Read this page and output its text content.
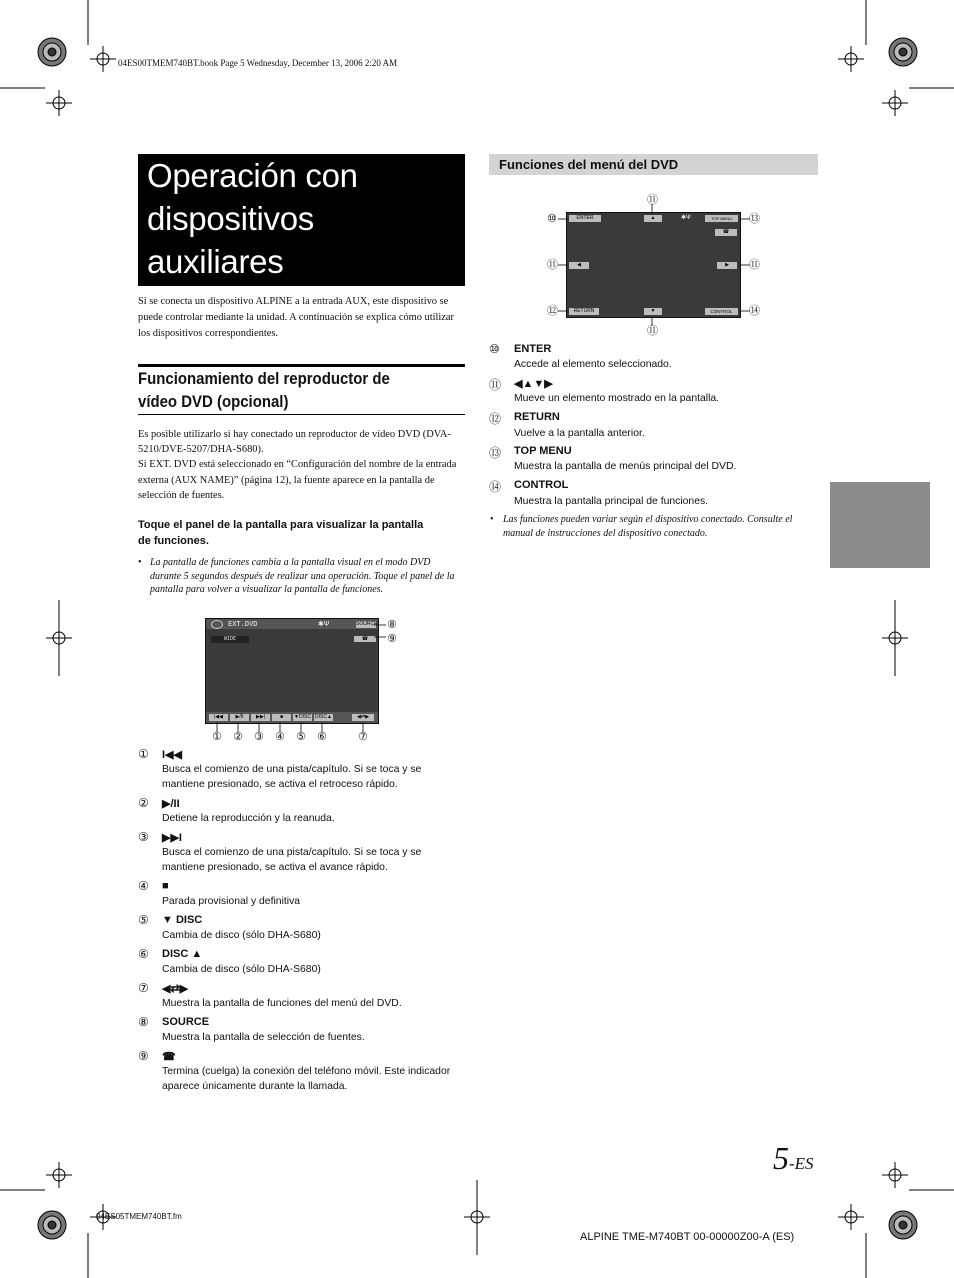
04ES00TMEM740BT.book Page 5 Wednesday, December 13, 2006 2:20 AM
Operación con
dispositivos
auxiliares
Si se conecta un dispositivo ALPINE a la entrada AUX, este dispositivo se puede controlar mediante la unidad. A continuación se explica cómo utilizar los dispositivos correspondientes.
Funcionamiento del reproductor de
vídeo DVD (opcional)
Es posible utilizarlo si hay conectado un reproductor de vídeo DVD (DVA-5210/DVE-5207/DHA-S680).
Si EXT. DVD está seleccionado en “Configuración del nombre de la entrada externa (AUX NAME)” (página 12), la fuente aparece en la pantalla de selección de fuentes.
Toque el panel de la pantalla para visualizar la pantalla
de funciones.
• La pantalla de funciones cambia a la pantalla visual en el modo DVD durante 5 segundos después de realizar una operación. Toque el panel de la pantalla para volver a visualizar la pantalla de funciones.
EXT.DVD	✱Ψ	SOURCE
☎
WIDE
|◀◀	▶/II	▶▶|	■	▼DISC DISC▲	◀⇄▶
⑧
⑨
① ② ③ ④ ⑤ ⑥	⑦
① I◀◀
Busca el comienzo de una pista/capítulo. Si se toca y se mantiene presionado, se activa el retroceso rápido.
② ▶/II
Detiene la reproducción y la reanuda.
③ ▶▶I
Busca el comienzo de una pista/capítulo. Si se toca y se mantiene presionado, se activa el avance rápido.
④ ■
Parada provisional y definitiva
⑤ ▼ DISC
Cambia de disco (sólo DHA-S680)
⑥ DISC ▲
Cambia de disco (sólo DHA-S680)
⑦ ◀⇄▶
Muestra la pantalla de funciones del menú del DVD.
⑧ SOURCE
Muestra la pantalla de selección de fuentes.
⑨ ☎
Termina (cuelga) la conexión del teléfono móvil. Este indicador aparece únicamente durante la llamada.
Funciones del menú del DVD
ENTER	▲	✱Ψ	TOP MENU
☎
◀	▶
RETURN	▼	CONTROL
⑪
⑩	⑬
⑪	⑪
⑫	⑭
⑪
⑩ ENTER
Accede al elemento seleccionado.
⑪ ◀▲▼▶
Mueve un elemento mostrado en la pantalla.
⑫ RETURN
Vuelve a la pantalla anterior.
⑬ TOP MENU
Muestra la pantalla de menús principal del DVD.
⑭ CONTROL
Muestra la pantalla principal de funciones.
• Las funciones pueden variar según el dispositivo conectado. Consulte el manual de instrucciones del dispositivo conectado.
5-ES
04ES05TMEM740BT.fm
ALPINE TME-M740BT 00-00000Z00-A (ES)
